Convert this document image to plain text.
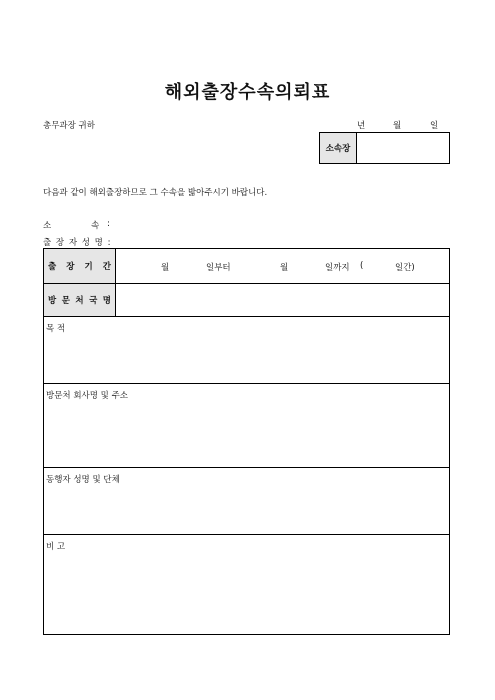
해외출장수속의뢰표
총무과장 귀하	년	월	일
소속장
다음과 같이 해외출장하므로 그 수속을 밟아주시기 바랍니다.
소	속 :
출 장 자 성 명 :
출 장 기 간	월	일부터	월	일까지 (	일간)
방 문 처 국 명
목 적
방문처 회사명 및 주소
동행자 성명 및 단체
비 고
